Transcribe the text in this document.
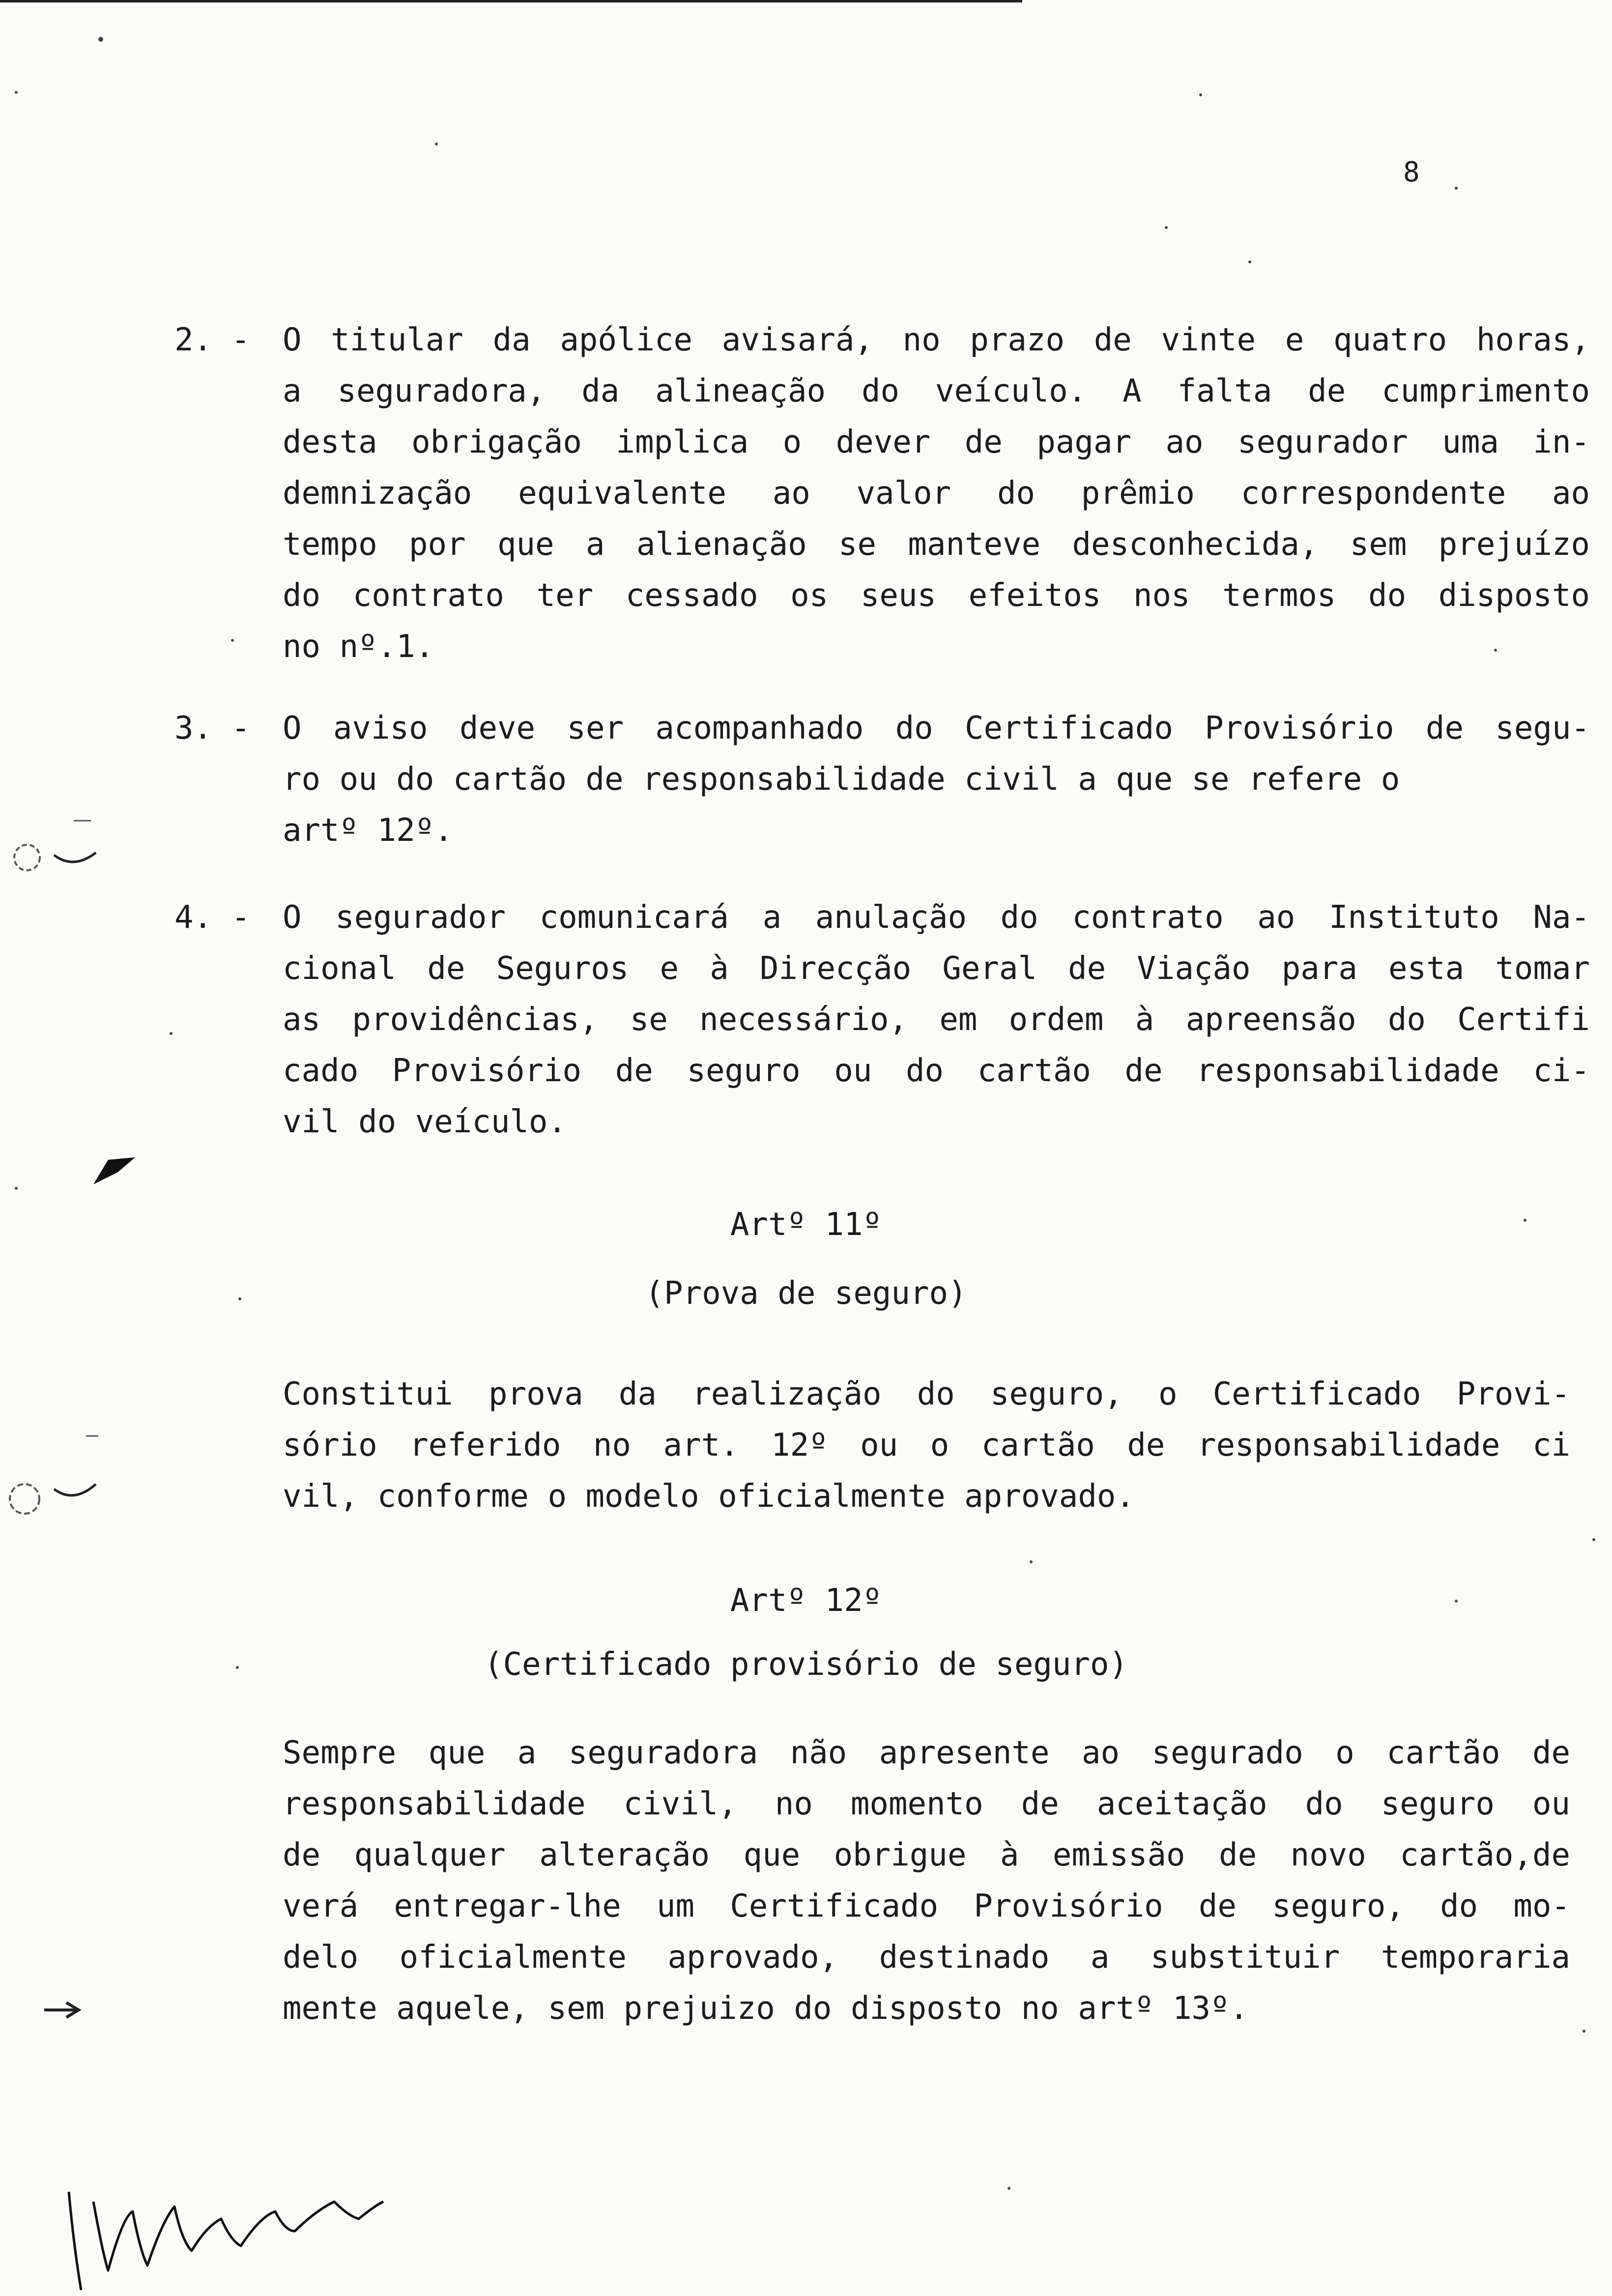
8
2. - O titular da apólice avisará, no prazo de vinte e quatro horas,
a seguradora, da alineação do veículo. A falta de cumprimento
desta obrigação implica o dever de pagar ao segurador uma in-
demnização equivalente ao valor do prêmio correspondente ao
tempo por que a alienação se manteve desconhecida, sem prejuízo
do contrato ter cessado os seus efeitos nos termos do disposto
no nº.1.
3. - O aviso deve ser acompanhado do Certificado Provisório de segu-
ro ou do cartão de responsabilidade civil a que se refere o
artº 12º.
4. - O segurador comunicará a anulação do contrato ao Instituto Na-
cional de Seguros e à Direcção Geral de Viação para esta tomar
as providências, se necessário, em ordem à apreensão do Certifi
cado Provisório de seguro ou do cartão de responsabilidade ci-
vil do veículo.
Artº 11º
(Prova de seguro)
Constitui prova da realização do seguro, o Certificado Provi-
sório referido no art. 12º ou o cartão de responsabilidade ci
vil, conforme o modelo oficialmente aprovado.
Artº 12º
(Certificado provisório de seguro)
Sempre que a seguradora não apresente ao segurado o cartão de
responsabilidade civil, no momento de aceitação do seguro ou
de qualquer alteração que obrigue à emissão de novo cartão,de
verá entregar-lhe um Certificado Provisório de seguro, do mo-
delo oficialmente aprovado, destinado a substituir temporaria
mente aquele, sem prejuizo do disposto no artº 13º.
